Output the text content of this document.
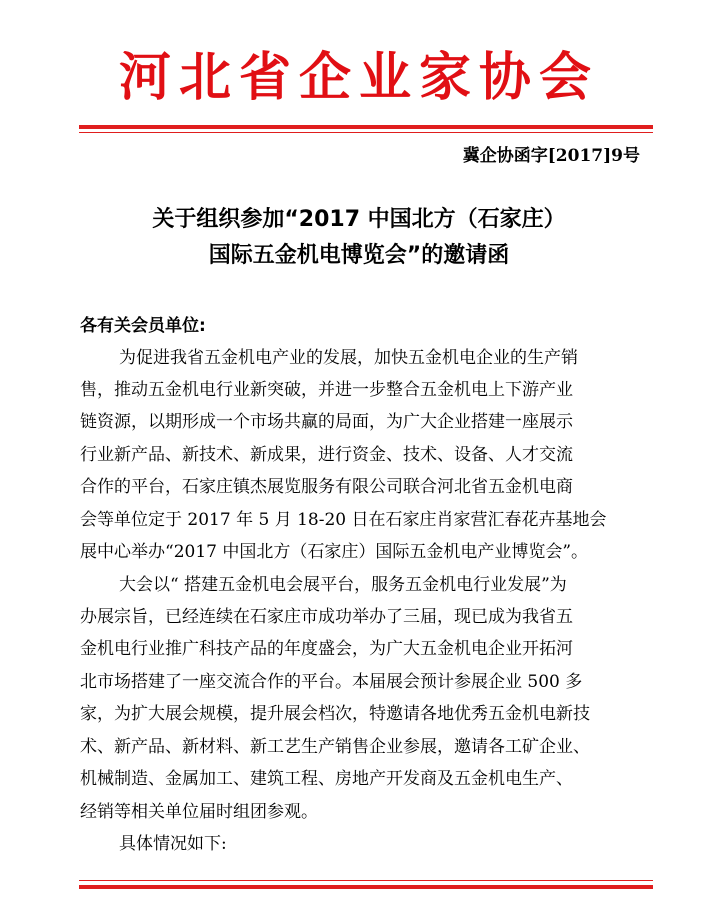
河北省企业家协会
冀企协函字[2017]9号
关于组织参加“2017 中国北方（石家庄）
国际五金机电博览会”的邀请函
各有关会员单位:
为促进我省五金机电产业的发展，加快五金机电企业的生产销
售，推动五金机电行业新突破，并进一步整合五金机电上下游产业
链资源，以期形成一个市场共赢的局面，为广大企业搭建一座展示
行业新产品、新技术、新成果，进行资金、技术、设备、人才交流
合作的平台，石家庄镇杰展览服务有限公司联合河北省五金机电商
会等单位定于 2017 年 5 月 18-20 日在石家庄肖家营汇春花卉基地会
展中心举办“2017 中国北方（石家庄）国际五金机电产业博览会”。
大会以“ 搭建五金机电会展平台，服务五金机电行业发展”为
办展宗旨，已经连续在石家庄市成功举办了三届，现已成为我省五
金机电行业推广科技产品的年度盛会，为广大五金机电企业开拓河
北市场搭建了一座交流合作的平台。本届展会预计参展企业 500 多
家，为扩大展会规模，提升展会档次，特邀请各地优秀五金机电新技
术、新产品、新材料、新工艺生产销售企业参展，邀请各工矿企业、
机械制造、金属加工、建筑工程、房地产开发商及五金机电生产、
经销等相关单位届时组团参观。
具体情况如下:
